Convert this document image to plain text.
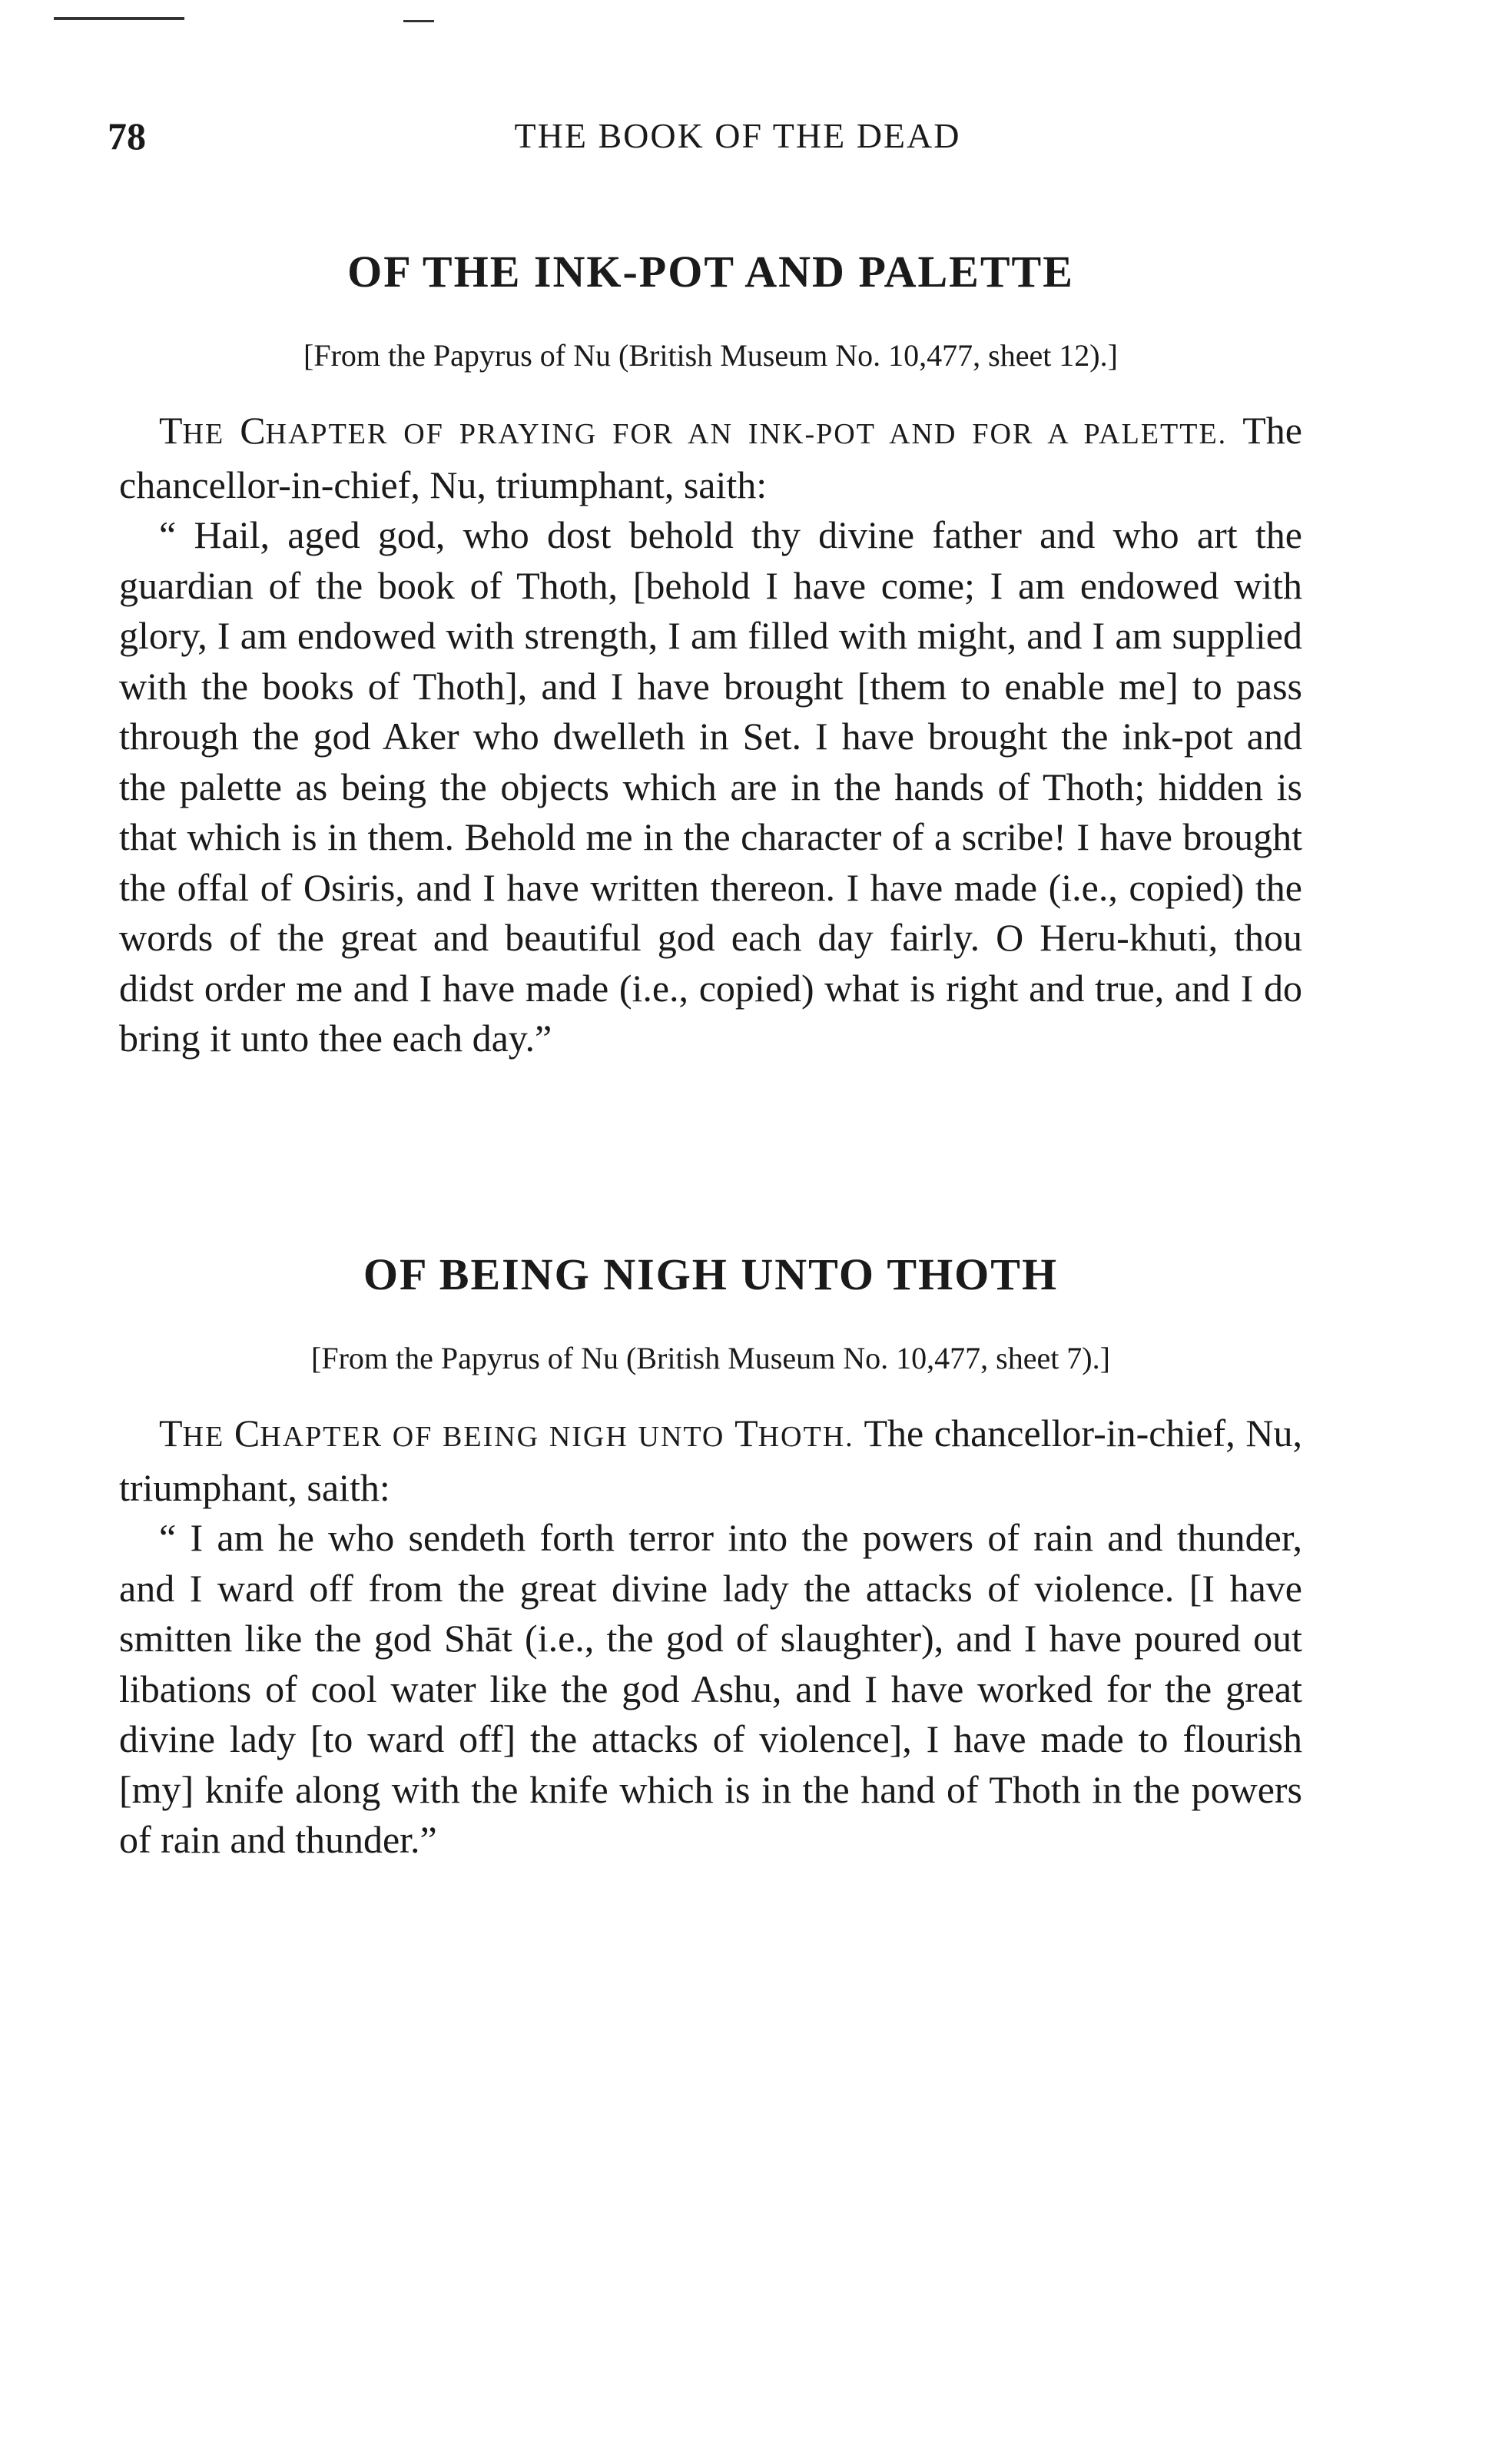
78	THE BOOK OF THE DEAD
OF THE INK-POT AND PALETTE

[From the Papyrus of Nu (British Museum No. 10,477, sheet 12).]

THE CHAPTER OF PRAYING FOR AN INK-POT AND FOR A PALETTE. The chancellor-in-chief, Nu, triumphant, saith:

“ Hail, aged god, who dost behold thy divine father and who art the guardian of the book of Thoth, [behold I have come; I am endowed with glory, I am endowed with strength, I am filled with might, and I am supplied with the books of Thoth], and I have brought [them to enable me] to pass through the god Aker who dwelleth in Set. I have brought the ink-pot and the palette as being the objects which are in the hands of Thoth; hidden is that which is in them. Behold me in the character of a scribe! I have brought the offal of Osiris, and I have written thereon. I have made (i.e., copied) the words of the great and beautiful god each day fairly. O Heru-khuti, thou didst order me and I have made (i.e., copied) what is right and true, and I do bring it unto thee each day.”

OF BEING NIGH UNTO THOTH

[From the Papyrus of Nu (British Museum No. 10,477, sheet 7).]

THE CHAPTER OF BEING NIGH UNTO THOTH. The chancellor-in-chief, Nu, triumphant, saith:

“ I am he who sendeth forth terror into the powers of rain and thunder, and I ward off from the great divine lady the attacks of violence. [I have smitten like the god Shāt (i.e., the god of slaughter), and I have poured out libations of cool water like the god Ashu, and I have worked for the great divine lady [to ward off] the attacks of violence], I have made to flourish [my] knife along with the knife which is in the hand of Thoth in the powers of rain and thunder.”
